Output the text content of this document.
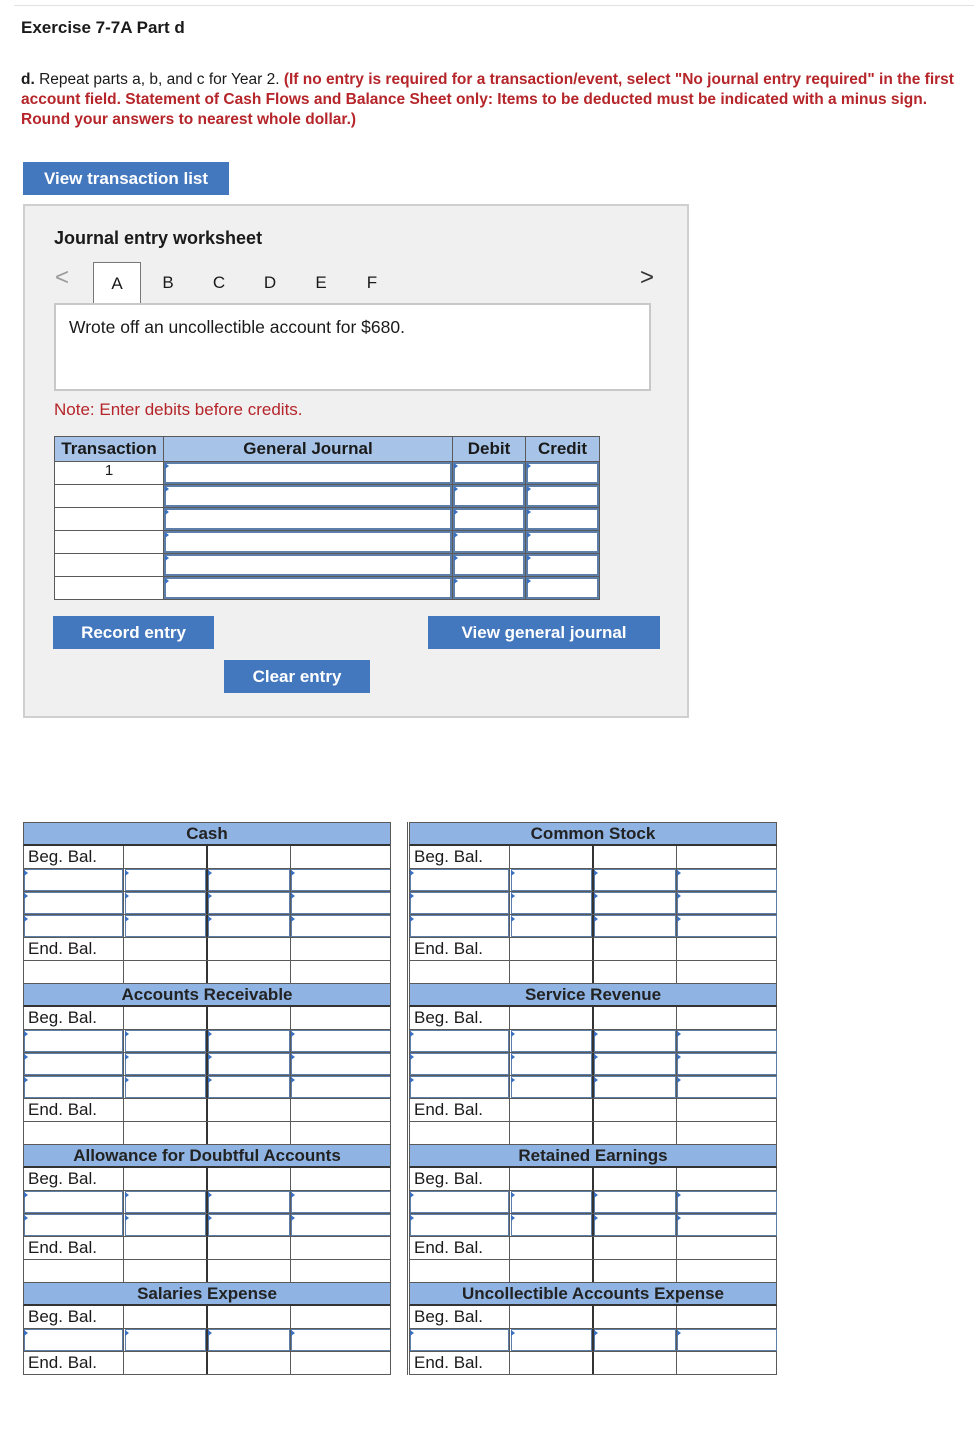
Exercise 7-7A Part d
d. Repeat parts a, b, and c for Year 2. (If no entry is required for a transaction/event, select "No journal entry required" in the first account field. Statement of Cash Flows and Balance Sheet only: Items to be deducted must be indicated with a minus sign. Round your answers to nearest whole dollar.)
View transaction list
Journal entry worksheet
<	A	B	C	D	E	F	>
Wrote off an uncollectible account for $680.
Note: Enter debits before credits.
Transaction	General Journal	Debit	Credit
1	

Record entry	View general journal
Clear entry
Cash
Beg. Bal.
End. Bal.
Common Stock
Beg. Bal.
End. Bal.
Accounts Receivable
Beg. Bal.
End. Bal.
Service Revenue
Beg. Bal.
End. Bal.
Allowance for Doubtful Accounts
Beg. Bal.
End. Bal.
Retained Earnings
Beg. Bal.
End. Bal.
Salaries Expense
Beg. Bal.
End. Bal.
Uncollectible Accounts Expense
Beg. Bal.
End. Bal.
